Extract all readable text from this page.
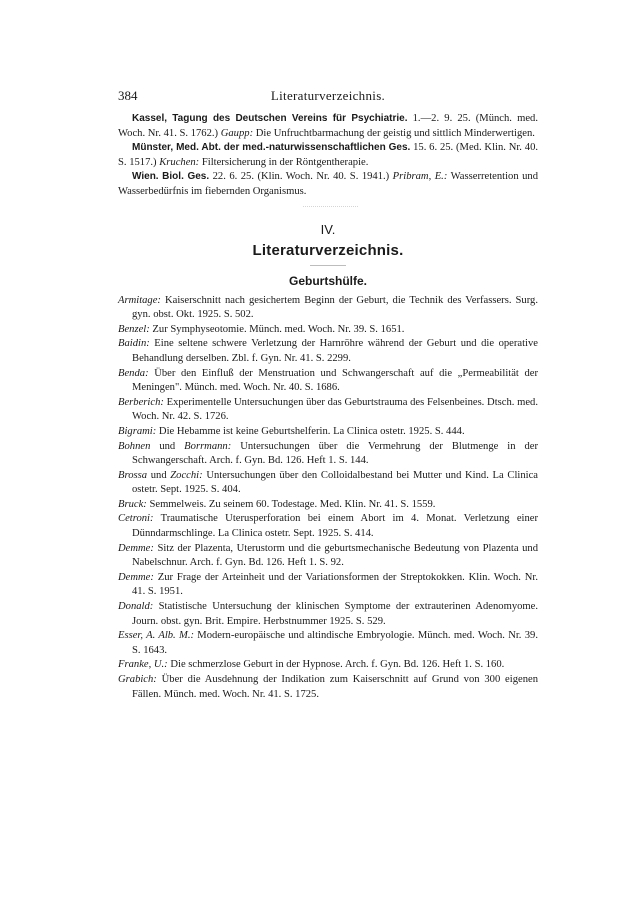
384	Literaturverzeichnis.

Kassel, Tagung des Deutschen Vereins für Psychiatrie. 1.—2. 9. 25. (Münch. med. Woch. Nr. 41. S. 1762.) Gaupp: Die Unfruchtbarmachung der geistig und sittlich Minderwertigen.

Münster, Med. Abt. der med.-naturwissenschaftlichen Ges. 15. 6. 25. (Med. Klin. Nr. 40. S. 1517.) Kruchen: Filtersicherung in der Röntgentherapie.

Wien. Biol. Ges. 22. 6. 25. (Klin. Woch. Nr. 40. S. 1941.) Pribram, E.: Wasserretention und Wasserbedürfnis im fiebernden Organismus.

IV.
Literaturverzeichnis.
Geburtshülfe.

Armitage: Kaiserschnitt nach gesichertem Beginn der Geburt, die Technik des Verfassers. Surg. gyn. obst. Okt. 1925. S. 502.

Benzel: Zur Symphyseotomie. Münch. med. Woch. Nr. 39. S. 1651.

Baidin: Eine seltene schwere Verletzung der Harnröhre während der Geburt und die operative Behandlung derselben. Zbl. f. Gyn. Nr. 41. S. 2299.

Benda: Über den Einfluß der Menstruation und Schwangerschaft auf die „Permeabilität der Meningen". Münch. med. Woch. Nr. 40. S. 1686.

Berberich: Experimentelle Untersuchungen über das Geburtstrauma des Felsenbeines. Dtsch. med. Woch. Nr. 42. S. 1726.

Bigrami: Die Hebamme ist keine Geburtshelferin. La Clinica ostetr. 1925. S. 444.

Bohnen und Borrmann: Untersuchungen über die Vermehrung der Blutmenge in der Schwangerschaft. Arch. f. Gyn. Bd. 126. Heft 1. S. 144.

Brossa und Zocchi: Untersuchungen über den Colloidalbestand bei Mutter und Kind. La Clinica ostetr. Sept. 1925. S. 404.

Bruck: Semmelweis. Zu seinem 60. Todestage. Med. Klin. Nr. 41. S. 1559.

Cetroni: Traumatische Uterusperforation bei einem Abort im 4. Monat. Verletzung einer Dünndarmschlinge. La Clinica ostetr. Sept. 1925. S. 414.

Demme: Sitz der Plazenta, Uterustorm und die geburtsmechanische Bedeutung von Plazenta und Nabelschnur. Arch. f. Gyn. Bd. 126. Heft 1. S. 92.

Demme: Zur Frage der Arteinheit und der Variationsformen der Streptokokken. Klin. Woch. Nr. 41. S. 1951.

Donald: Statistische Untersuchung der klinischen Symptome der extrauterinen Adenomyome. Journ. obst. gyn. Brit. Empire. Herbstnummer 1925. S. 529.

Esser, A. Alb. M.: Modern-europäische und altindische Embryologie. Münch. med. Woch. Nr. 39. S. 1643.

Franke, U.: Die schmerzlose Geburt in der Hypnose. Arch. f. Gyn. Bd. 126. Heft 1. S. 160.

Grabich: Über die Ausdehnung der Indikation zum Kaiserschnitt auf Grund von 300 eigenen Fällen. Münch. med. Woch. Nr. 41. S. 1725.
